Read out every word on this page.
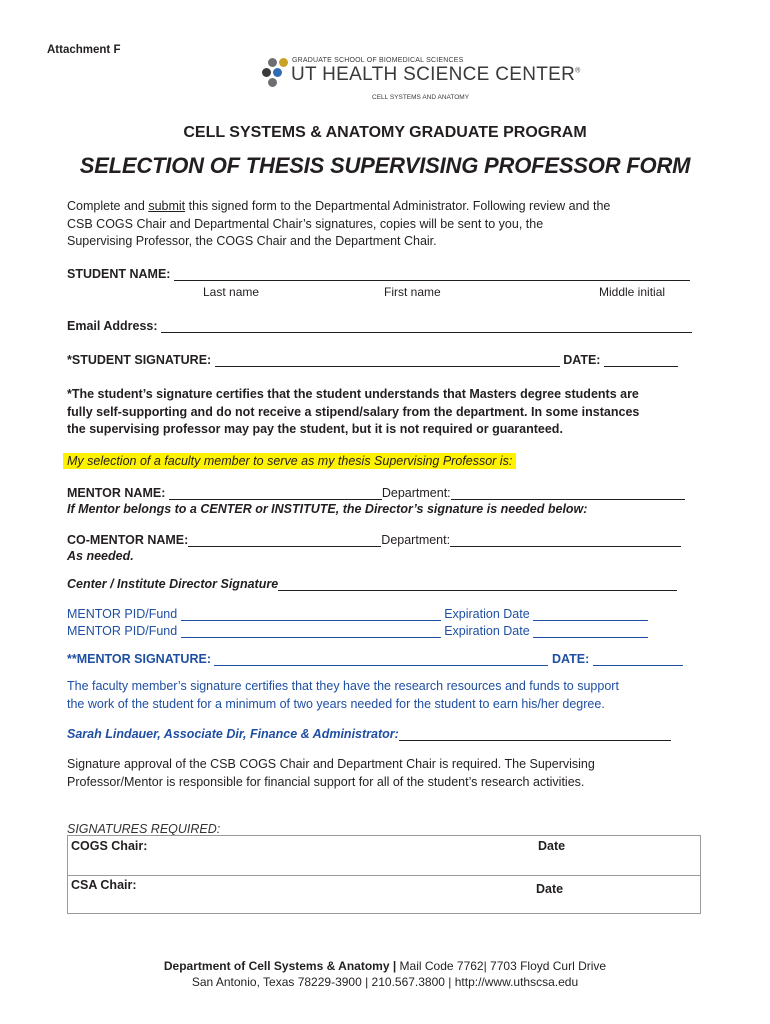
Attachment F
GRADUATE SCHOOL OF BIOMEDICAL SCIENCES
UT HEALTH SCIENCE CENTER®
CELL SYSTEMS AND ANATOMY
CELL SYSTEMS & ANATOMY GRADUATE PROGRAM
SELECTION OF THESIS SUPERVISING PROFESSOR FORM
Complete and submit this signed form to the Departmental Administrator. Following review and the
CSB COGS Chair and Departmental Chair’s signatures, copies will be sent to you, the
Supervising Professor, the COGS Chair and the Department Chair.
STUDENT NAME:
Last name	First name	Middle initial
Email Address:
*STUDENT SIGNATURE:	DATE:
*The student’s signature certifies that the student understands that Masters degree students are
fully self-supporting and do not receive a stipend/salary from the department. In some instances
the supervising professor may pay the student, but it is not required or guaranteed.
My selection of a faculty member to serve as my thesis Supervising Professor is:
MENTOR NAME:	Department:
If Mentor belongs to a CENTER or INSTITUTE, the Director’s signature is needed below:
CO-MENTOR NAME:	Department:
As needed.
Center / Institute Director Signature
MENTOR PID/Fund	Expiration Date
MENTOR PID/Fund	Expiration Date
**MENTOR SIGNATURE:	DATE:
The faculty member’s signature certifies that they have the research resources and funds to support
the work of the student for a minimum of two years needed for the student to earn his/her degree.
Sarah Lindauer, Associate Dir, Finance & Administrator:
Signature approval of the CSB COGS Chair and Department Chair is required. The Supervising
Professor/Mentor is responsible for financial support for all of the student’s research activities.
SIGNATURES REQUIRED:
COGS Chair:	Date
CSA Chair:	Date
Department of Cell Systems & Anatomy | Mail Code 7762| 7703 Floyd Curl Drive
San Antonio, Texas 78229-3900 | 210.567.3800 | http://www.uthscsa.edu
